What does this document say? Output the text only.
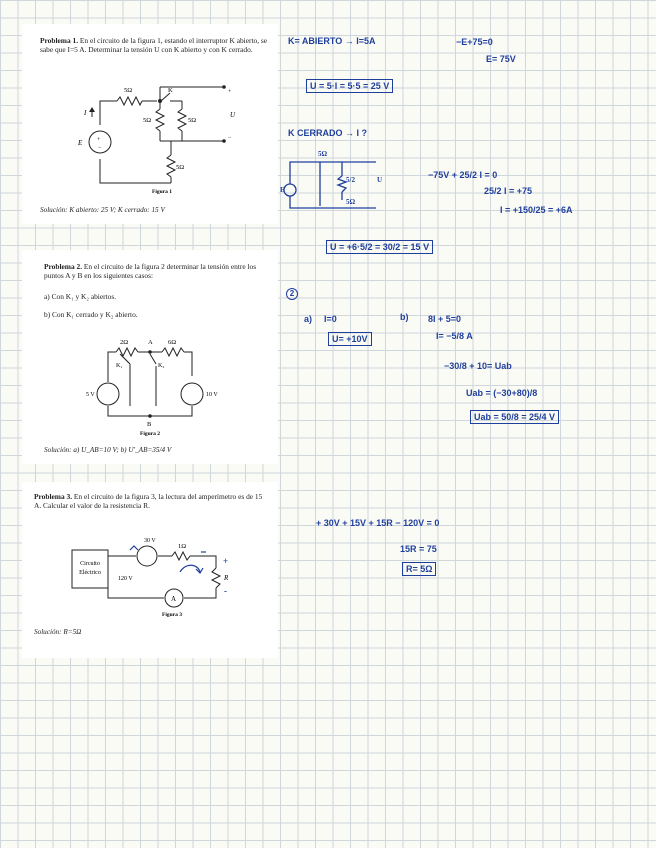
Problema 1. En el circuito de la figura 1, estando el interruptor K abierto, se sabe que I=5 A. Determinar la tensión U con K abierto y con K cerrado.
5Ω
5Ω	5Ω
5Ω
K
I
E +
−
+
U
−
Figura 1
Solución: K abierto: 25 V; K cerrado: 15 V
Problema 2. En el circuito de la figura 2 determinar la tensión entre los puntos A y B en los siguientes casos:
a) Con K₁ y K₂ abiertos.
b) Con K₁ cerrado y K₂ abierto.
2Ω	A 6Ω
K₁	K₂
5 V	10 V
B
Figura 2
Solución: a) U_AB=10 V; b) U'_AB=35/4 V
Problema 3. En el circuito de la figura 3, la lectura del amperímetro es de 15 A. Calcular el valor de la resistencia R.
Circuito
Eléctrico
30 V
120 V
1Ω
R
A
Figura 3
+
-
Solución: R=5Ω
K= ABIERTO → I=5A	−E+75=0
E= 75V
U = 5·I = 5·5 = 25 V
K CERRADO → I ?
5Ω
5/2
5Ω
U
E
−75V + 25/2 I = 0
25/2 I = +75
I = +150/25 = +6A
U = +6·5/2 = 30/2 = 15 V
2
a) I=0
U= +10V
b) 8I + 5=0
I= −5/8 A
−30/8 + 10= Uab
Uab = (−30+80)/8
Uab = 50/8 = 25/4 V
+ 30V + 15V + 15R − 120V = 0
15R = 75
R= 5Ω
